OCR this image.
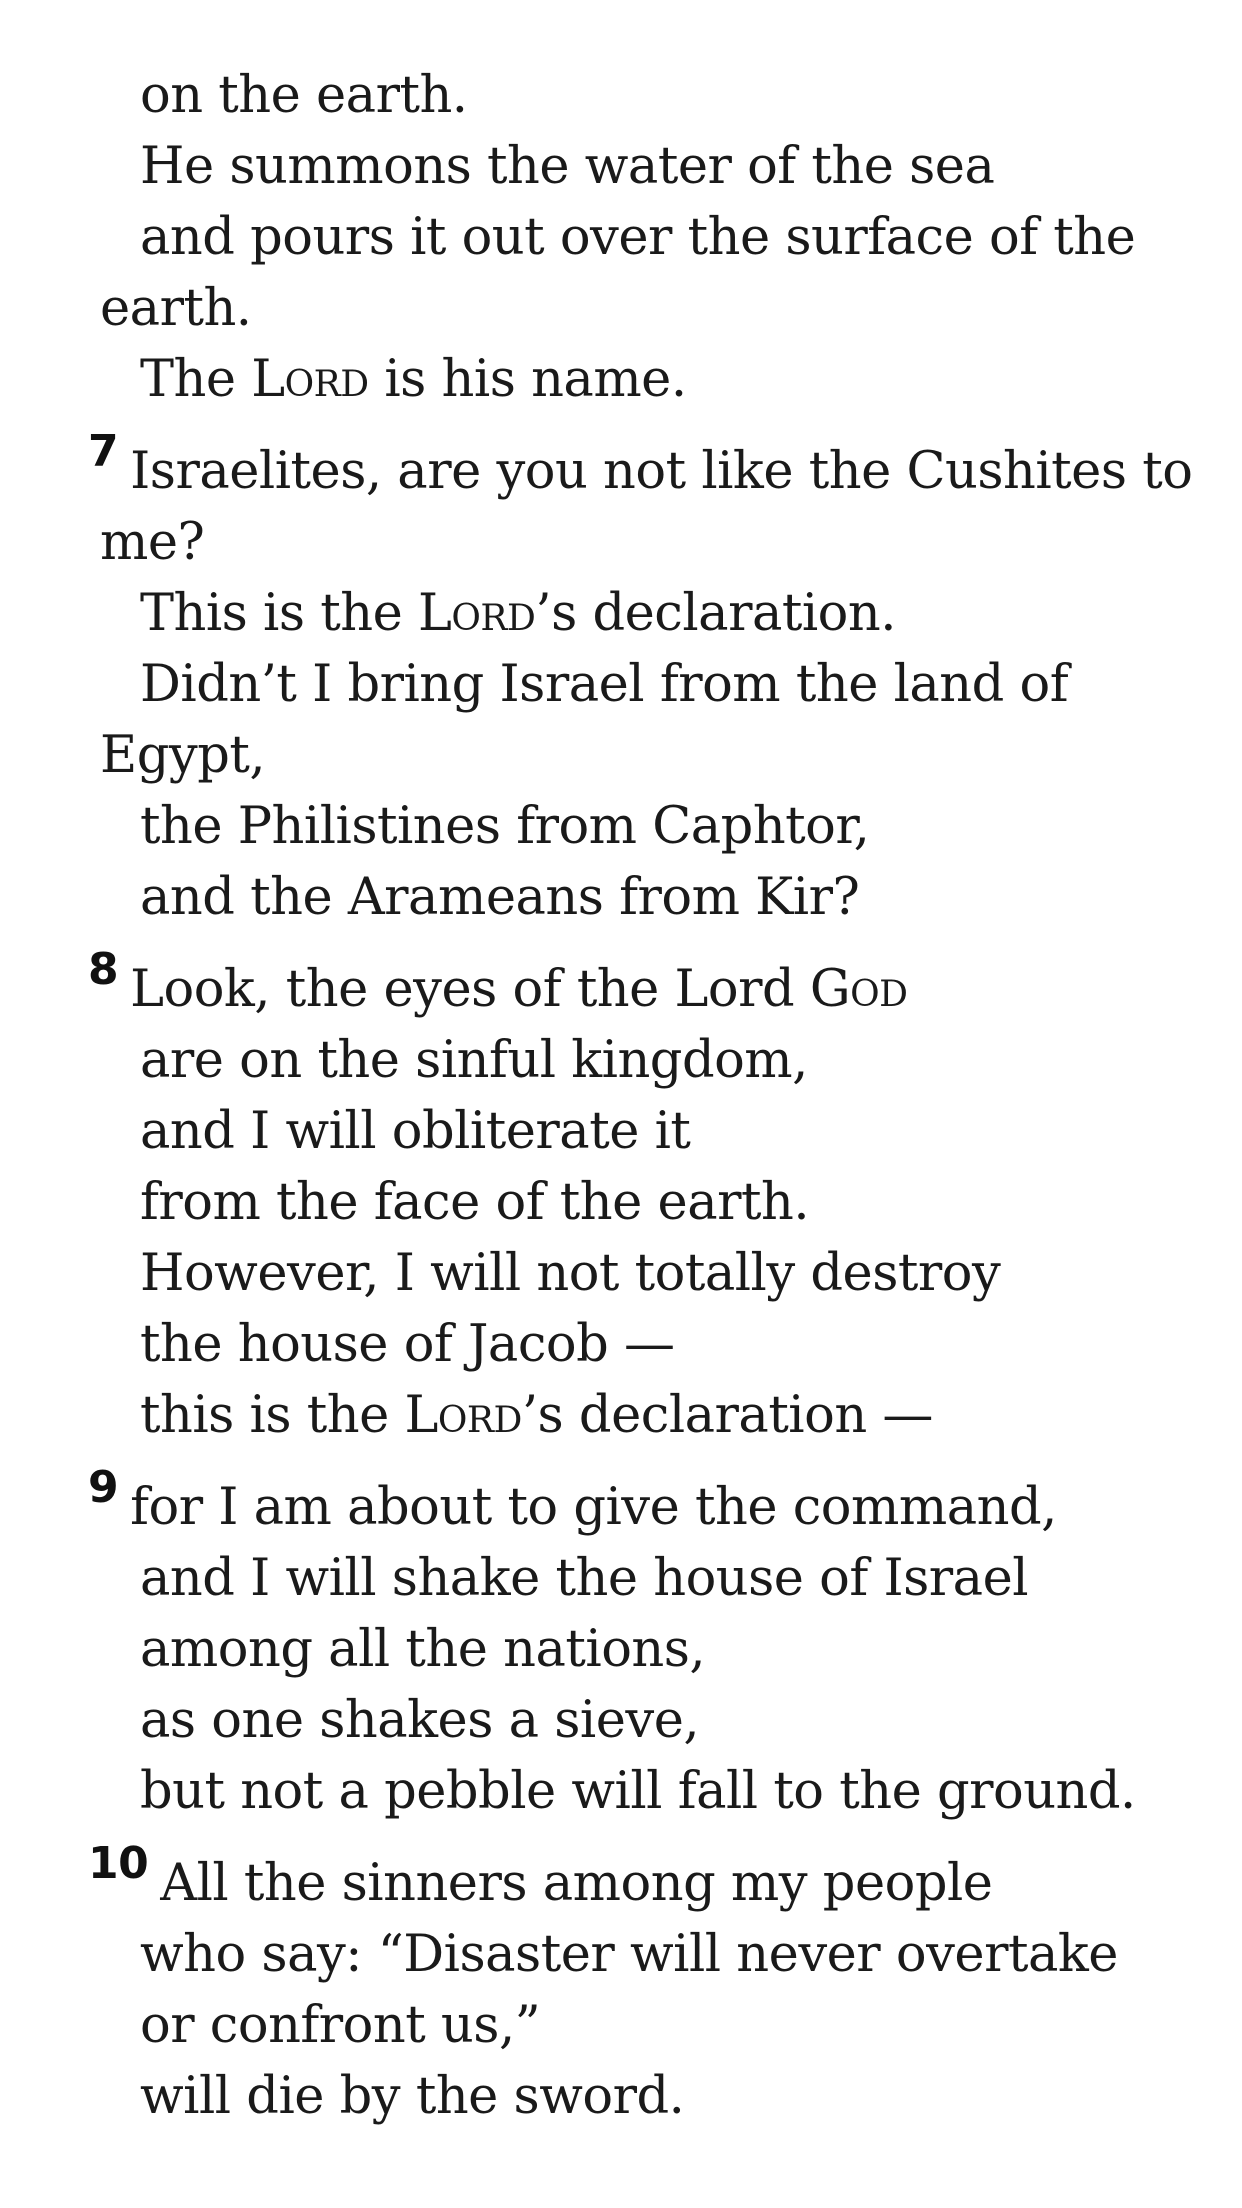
on the earth.
He summons the water of the sea
and pours it out over the surface of the
earth.
The Lord is his name.
7 Israelites, are you not like the Cushites to
me?
This is the Lord’s declaration.
Didn’t I bring Israel from the land of
Egypt,
the Philistines from Caphtor,
and the Arameans from Kir?
8 Look, the eyes of the Lord God
are on the sinful kingdom,
and I will obliterate it
from the face of the earth.
However, I will not totally destroy
the house of Jacob —
this is the Lord’s declaration —
9 for I am about to give the command,
and I will shake the house of Israel
among all the nations,
as one shakes a sieve,
but not a pebble will fall to the ground.
10 All the sinners among my people
who say: “Disaster will never overtake
or confront us,”
will die by the sword.
